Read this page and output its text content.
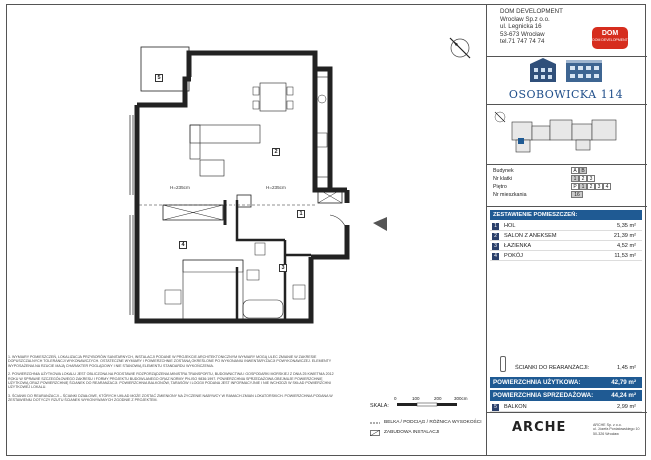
DOM DEVELOPMENT
Wrocław Sp.z o.o.
ul. Legnicka 16
53-673 Wrocław
tel.71 747 74 74
DOM
DOM DEVELOPMENT
OSOBOWICKA 114
Budynek	A B
Nr klatki	1	2	3
Piętro	P 1	2	3	4
Nr mieszkania	16
ZESTAWIENIE POMIESZCZEŃ:
1	HOL	5,35 m²
2	SALON Z ANEKSEM	21,39 m²
3	ŁAZIENKA	4,52 m²
4	POKÓJ	11,53 m²
ŚCIANKI DO REARANŻACJI:	1,45 m²
POWIERZCHNIA UŻYTKOWA:	42,79 m²
POWIERZCHNIA SPRZEDAŻOWA:	44,24 m²
5	BALKON	2,99 m²
1
2
3
4
5
H=235cm	H=235cm

1. WYMIARY POMIESZCZEŃ, LOKALIZACJA PRZYBORÓW SANITARNYCH, INSTALACJI PODANE W PROJEKCIE ARCHITEKTONICZNYM WYMIARY MOGĄ ULEC ZMIANIE W ZAKRESIE DOPUSZCZALNYCH TOLERANCJI WYKONAWCZYCH. OSTATECZNE WYMIARY I POWIERZCHNIE ZOSTANĄ OKREŚLONE PO WYKONANIU INWENTARYZACJI POWYKONAWCZEJ. ELEMENTY WYPOSAŻENIA NA RZUCIE MAJĄ CHARAKTER POGLĄDOWY I NIE STANOWIĄ ELEMENTU STANDARDU WYKOŃCZENIA.

2. POWIERZCHNIA UŻYTKOWA LOKALU JEST OBLICZONA NA PODSTAWIE ROZPORZĄDZENIA MINISTRA TRANSPORTU, BUDOWNICTWA I GOSPODARKI MORSKIEJ Z DNIA 25 KWIETNIA 2012 ROKU W SPRAWIE SZCZEGÓŁOWEGO ZAKRESU I FORMY PROJEKTU BUDOWLANEGO ORAZ NORMY PN-ISO 9836:1997. POWIERZCHNIA SPRZEDAŻOWA OBEJMUJE POWIERZCHNIĘ UŻYTKOWĄ ORAZ POWIERZCHNIĘ ŚCIANEK DO REARANŻACJI. POWIERZCHNIA BALKONÓW, TARASÓW I LOGGII PODANA JEST INFORMACYJNIE I NIE WCHODZI W SKŁAD POWIERZCHNI UŻYTKOWEJ LOKALU.

3. ŚCIANKI DO REARANŻACJI – ŚCIANKI DZIAŁOWE, KTÓRYCH UKŁAD MOŻE ZOSTAĆ ZMIENIONY NA ŻYCZENIE NABYWCY W RAMACH ZMIAN LOKATORSKICH. POWIERZCHNIA PODANA W ZESTAWIENIU DOTYCZY RZUTU ŚCIANEK WYKONYWANYCH ZGODNIE Z PROJEKTEM.

SKALA:
0	100	200	300cm
BELKA / PODCIĄG / RÓŻNICA WYSOKOŚCI
ZABUDOWA INSTALACJI	ARCHE	ARCHE Sp. z o.o.
ul. Józefa Poniatowskiego 10
50-326 Wrocław
